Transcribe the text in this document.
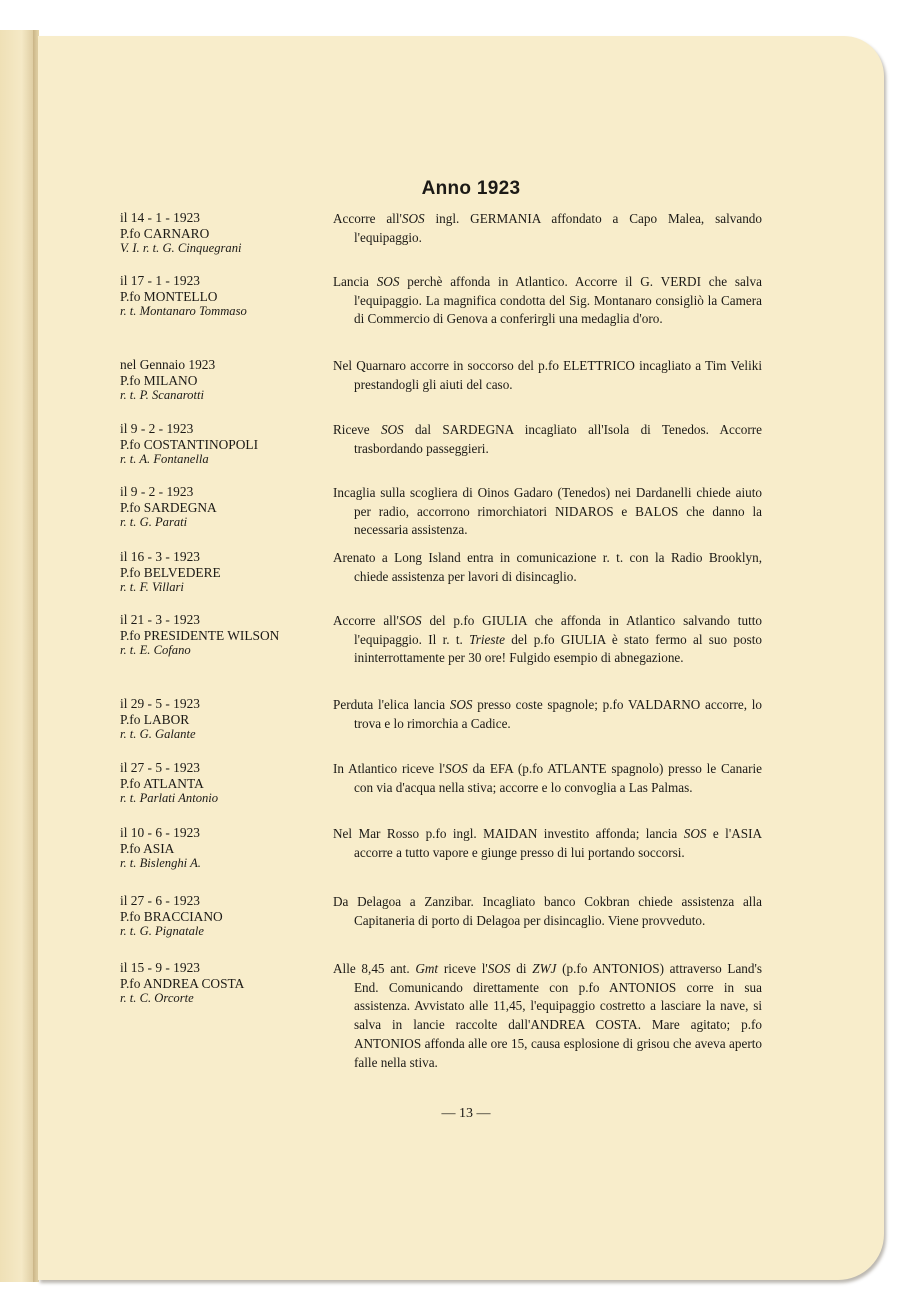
Anno 1923
il 14 - 1 - 1923
P.fo CARNARO
V. I. r. t. G. Cinquegrani
Accorre all'SOS ingl. GERMANIA affondato a Capo Malea, salvando l'equipaggio.
il 17 - 1 - 1923
P.fo MONTELLO
r. t. Montanaro Tommaso
Lancia SOS perchè affonda in Atlantico. Accorre il G. VERDI che salva l'equipaggio. La magnifica condotta del Sig. Montanaro consigliò la Camera di Commercio di Genova a conferirgli una medaglia d'oro.
nel Gennaio 1923
P.fo MILANO
r. t. P. Scanarotti
Nel Quarnaro accorre in soccorso del p.fo ELETTRICO incagliato a Tim Veliki prestandogli gli aiuti del caso.
il 9 - 2 - 1923
P.fo COSTANTINOPOLI
r. t. A. Fontanella
Riceve SOS dal SARDEGNA incagliato all'Isola di Tenedos. Accorre trasbordando passeggieri.
il 9 - 2 - 1923
P.fo SARDEGNA
r. t. G. Parati
Incaglia sulla scogliera di Oinos Gadaro (Tenedos) nei Dardanelli chiede aiuto per radio, accorrono rimorchiatori NIDAROS e BALOS che danno la necessaria assistenza.
il 16 - 3 - 1923
P.fo BELVEDERE
r. t. F. Villari
Arenato a Long Island entra in comunicazione r. t. con la Radio Brooklyn, chiede assistenza per lavori di disincaglio.
il 21 - 3 - 1923
P.fo PRESIDENTE WILSON
r. t. E. Cofano
Accorre all'SOS del p.fo GIULIA che affonda in Atlantico salvando tutto l'equipaggio. Il r. t. Trieste del p.fo GIULIA è stato fermo al suo posto ininterrottamente per 30 ore! Fulgido esempio di abnegazione.
il 29 - 5 - 1923
P.fo LABOR
r. t. G. Galante
Perduta l'elica lancia SOS presso coste spagnole; p.fo VALDARNO accorre, lo trova e lo rimorchia a Cadice.
il 27 - 5 - 1923
P.fo ATLANTA
r. t. Parlati Antonio
In Atlantico riceve l'SOS da EFA (p.fo ATLANTE spagnolo) presso le Canarie con via d'acqua nella stiva; accorre e lo convoglia a Las Palmas.
il 10 - 6 - 1923
P.fo ASIA
r. t. Bislenghi A.
Nel Mar Rosso p.fo ingl. MAIDAN investito affonda; lancia SOS e l'ASIA accorre a tutto vapore e giunge presso di lui portando soccorsi.
il 27 - 6 - 1923
P.fo BRACCIANO
r. t. G. Pignatale
Da Delagoa a Zanzibar. Incagliato banco Cokbran chiede assistenza alla Capitaneria di porto di Delagoa per disincaglio. Viene provveduto.
il 15 - 9 - 1923
P.fo ANDREA COSTA
r. t. C. Orcorte
Alle 8,45 ant. Gmt riceve l'SOS di ZWJ (p.fo ANTONIOS) attraverso Land's End. Comunicando direttamente con p.fo ANTONIOS corre in sua assistenza. Avvistato alle 11,45, l'equipaggio costretto a lasciare la nave, si salva in lancie raccolte dall'ANDREA COSTA. Mare agitato; p.fo ANTONIOS affonda alle ore 15, causa esplosione di grisou che aveva aperto falle nella stiva.
— 13 —
